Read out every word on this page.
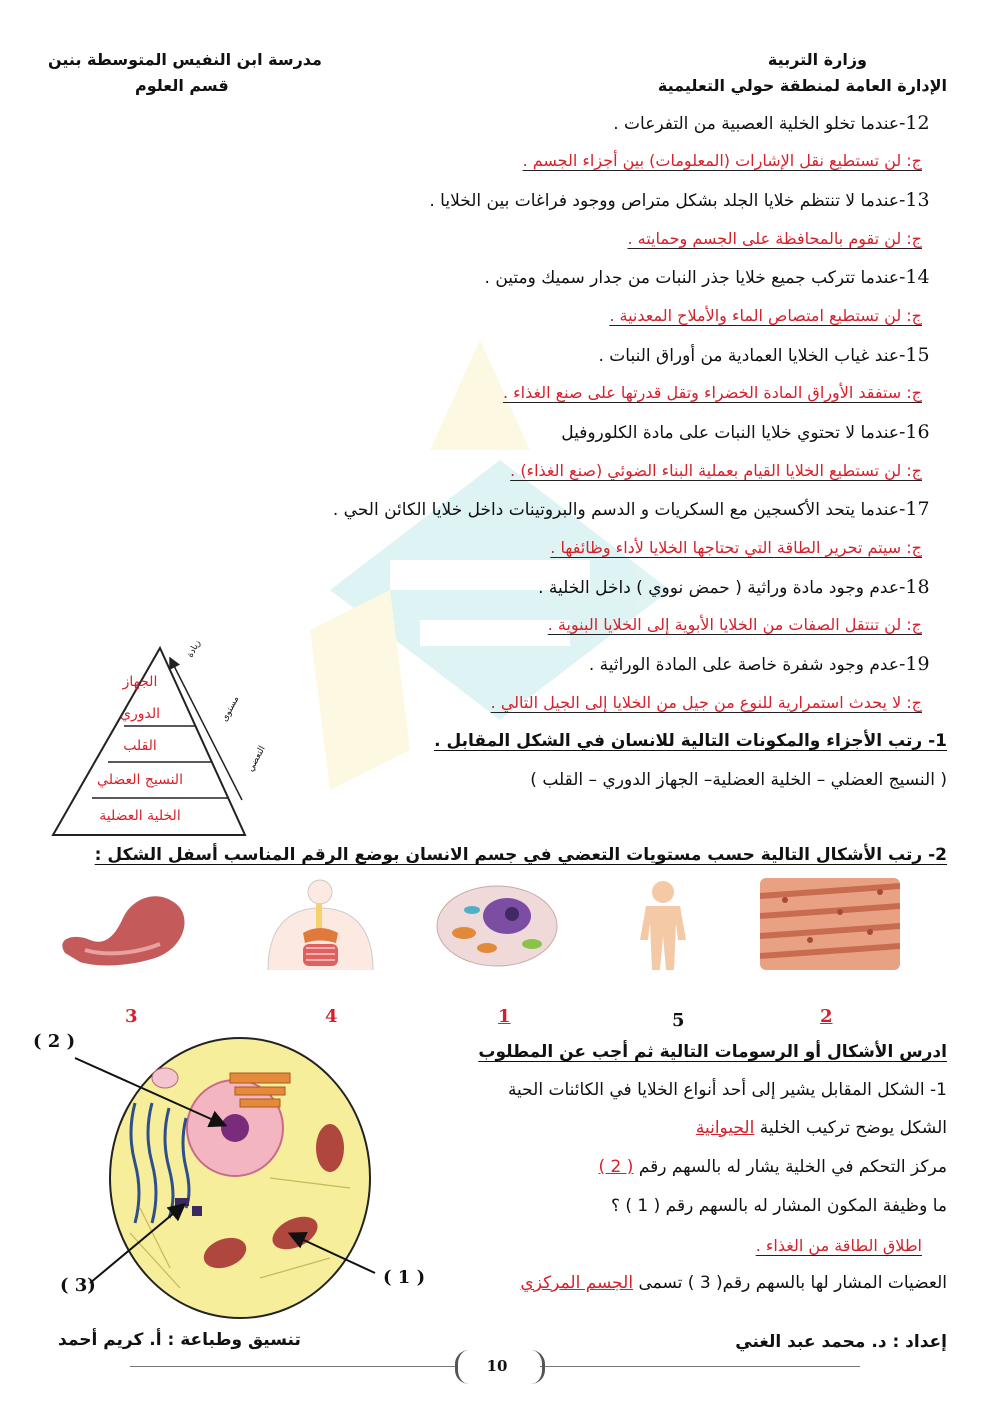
وزارة التربية
الإدارة العامة لمنطقة حولي التعليمية
مدرسة ابن النفيس المتوسطة بنين
قسم العلوم
12-عندما تخلو الخلية العصبية من التفرعات .
ج: لن تستطيع نقل الإشارات (المعلومات) بين أجزاء الجسم .
13-عندما لا تنتظم خلايا الجلد بشكل متراص ووجود فراغات بين الخلايا .
ج: لن تقوم بالمحافظة على الجسم وحمايته .
14-عندما تتركب جميع خلايا جذر النبات من جدار سميك ومتين .
ج: لن تستطيع امتصاص الماء والأملاح المعدنية .
15-عند غياب الخلايا العمادية من أوراق النبات .
ج: ستفقد الأوراق المادة الخضراء وتقل قدرتها على صنع الغذاء .
16-عندما لا تحتوي خلايا النبات على مادة الكلوروفيل
ج: لن تستطيع الخلايا القيام بعملية البناء الضوئي (صنع الغذاء) .
17-عندما يتحد الأكسجين مع السكريات و الدسم والبروتينات داخل خلايا الكائن الحي .
ج: سيتم تحرير الطاقة التي تحتاجها الخلايا لأداء وظائفها .
18-عدم وجود مادة وراثية ( حمض نووي ) داخل الخلية .
ج: لن تنتقل الصفات من الخلايا الأبوية إلى الخلايا البنوية .
19-عدم وجود شفرة خاصة على المادة الوراثية .
ج: لا يحدث استمرارية للنوع من جيل من الخلايا إلى الجيل التالي .
الجهاز
الدوري
القلب
النسيج العضلي
الخلية العضلية
زيادة
مستوى
التعضي
1- رتب الأجزاء والمكونات التالية للانسان في الشكل المقابل .
( النسيج العضلي – الخلية العضلية– الجهاز الدوري – القلب )
2- رتب الأشكال التالية حسب مستويات التعضي في جسم الانسان بوضع الرقم المناسب أسفل الشكل :
3	4	1	5	2
ادرس الأشكال أو الرسومات التالية ثم أجب عن المطلوب
1- الشكل المقابل يشير إلى أحد أنواع الخلايا في الكائنات الحية
الشكل يوضح تركيب الخلية الحيوانية
مركز التحكم في الخلية يشار له بالسهم رقم ( 2 )
ما وظيفة المكون المشار له بالسهم رقم ( 1 ) ؟
اطلاق الطاقة من الغذاء .
العضيات المشار لها بالسهم رقم( 3 ) تسمى الجسم المركزي
( 2 )
( 3)	( 1 )
إعداد : د. محمد عبد الغني
تنسيق وطباعة : أ. كريم أحمد
10
